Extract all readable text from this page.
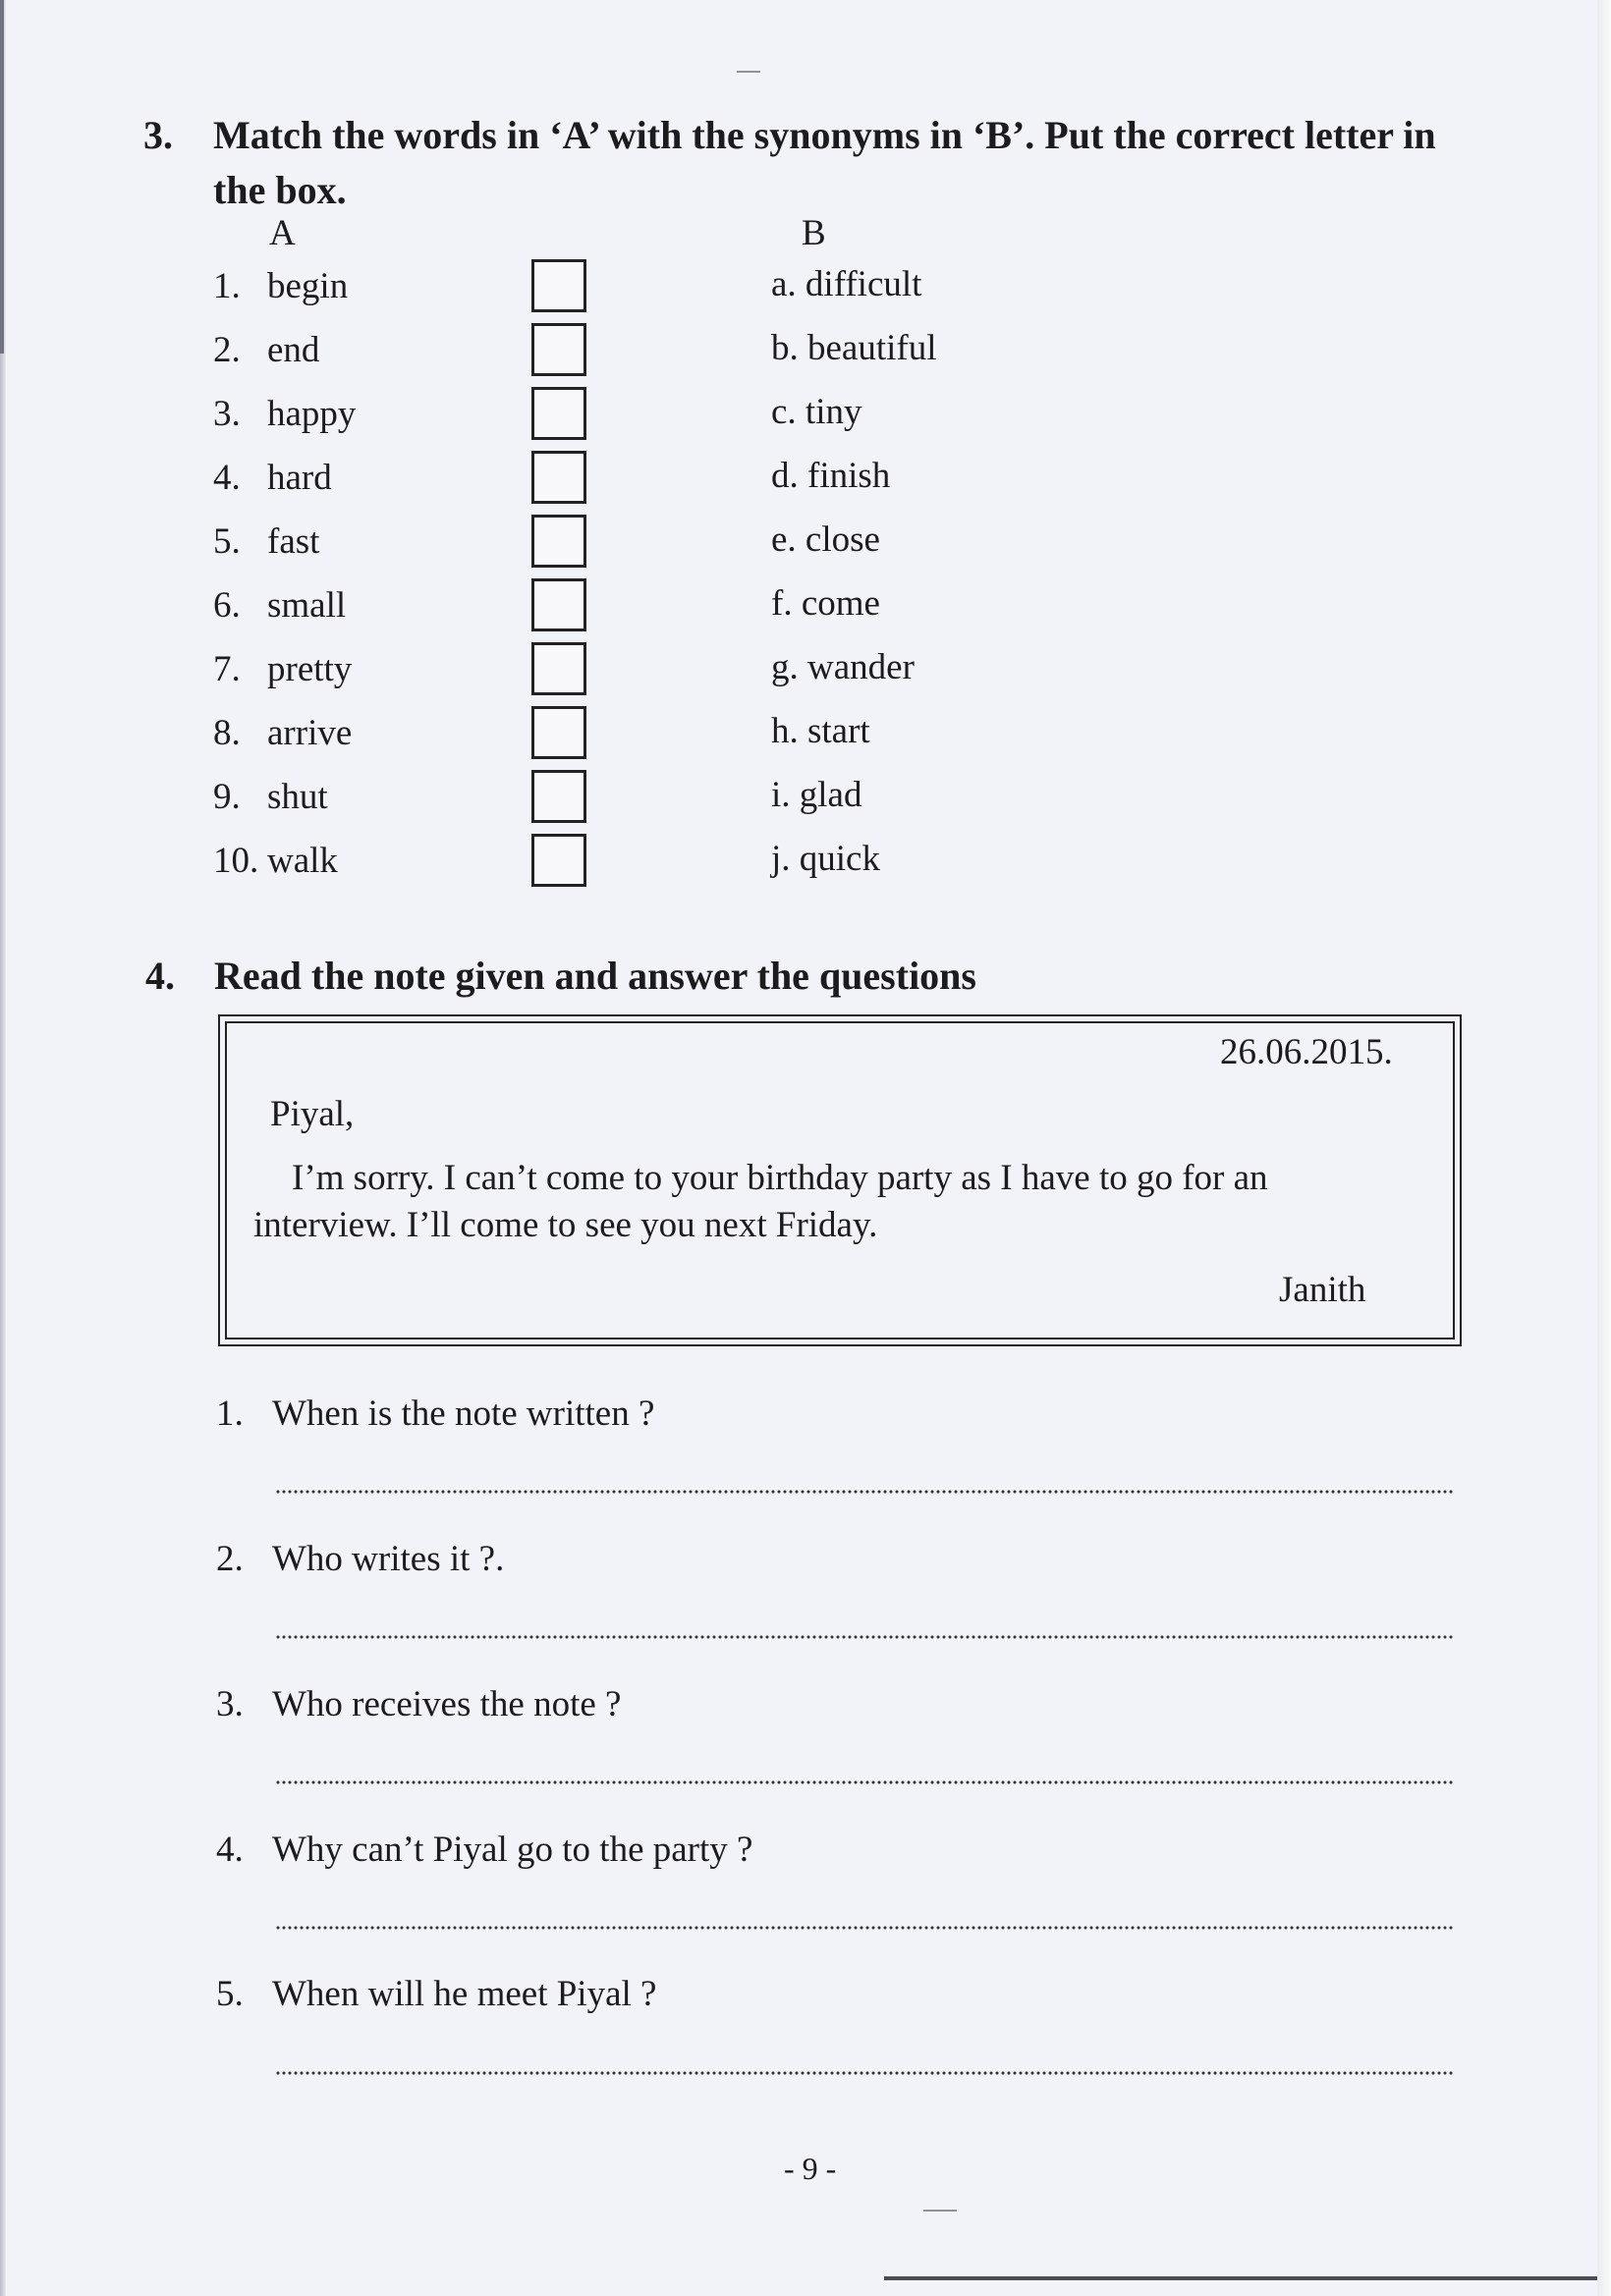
3. Match the words in ‘A’ with the synonyms in ‘B’. Put the correct letter in the box.
A	B
1. begin	a. difficult
2. end	b. beautiful
3. happy	c. tiny
4. hard	d. finish
5. fast	e. close
6. small	f. come
7. pretty	g. wander
8. arrive	h. start
9. shut	i. glad
10. walk	j. quick
4. Read the note given and answer the questions
26.06.2015.
Piyal,
I’m sorry. I can’t come to your birthday party as I have to go for an
interview. I’ll come to see you next Friday.
Janith
1. When is the note written ?
2. Who writes it ?.
3. Who receives the note ?
4. Why can’t Piyal go to the party ?
5. When will he meet Piyal ?
- 9 -
